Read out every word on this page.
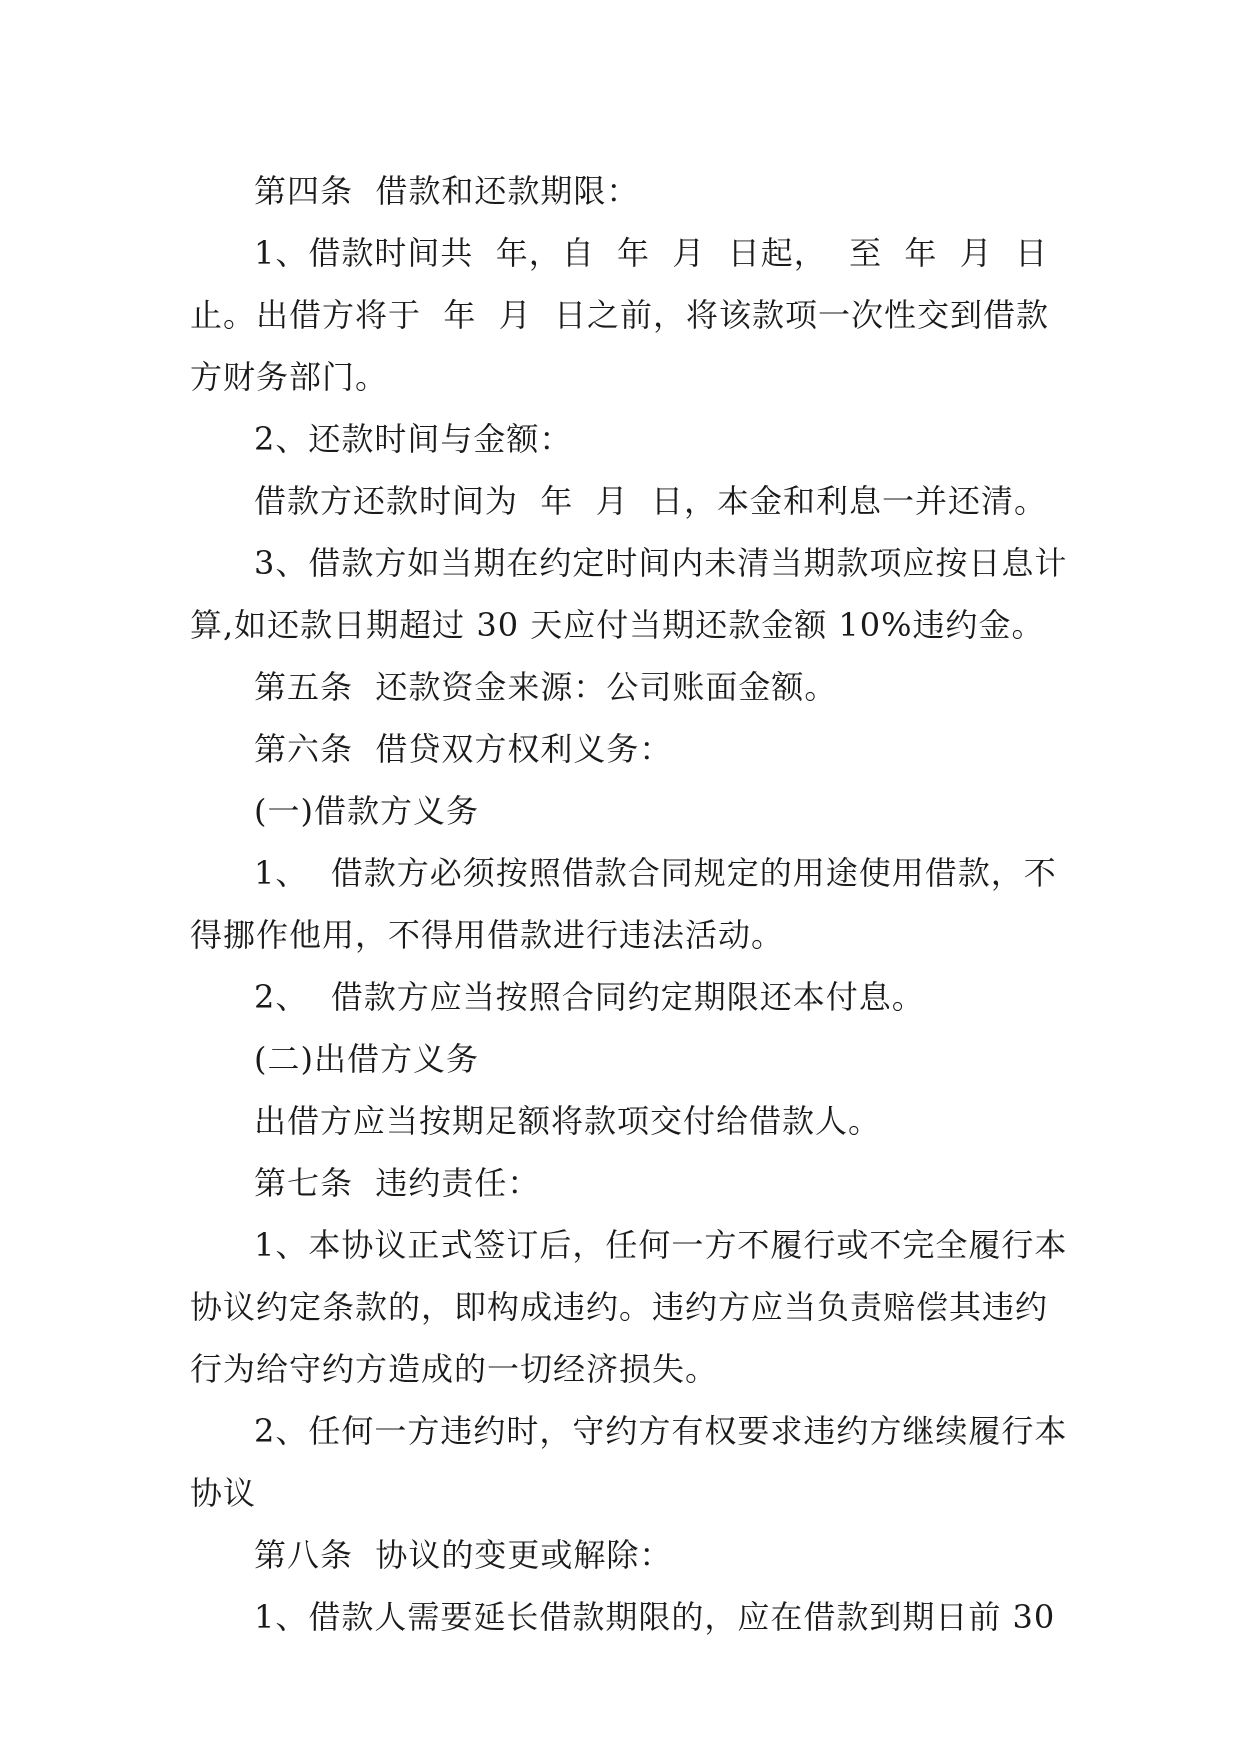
第四条  借款和还款期限：

1、借款时间共  年，自  年  月  日起，  至  年  月  日止。出借方将于  年  月  日之前，将该款项一次性交到借款方财务部门。

2、还款时间与金额：

借款方还款时间为  年  月  日，本金和利息一并还清。

3、借款方如当期在约定时间内未清当期款项应按日息计算,如还款日期超过 30 天应付当期还款金额 10%违约金。

第五条  还款资金来源：公司账面金额。

第六条  借贷双方权利义务：

(一)借款方义务

1、  借款方必须按照借款合同规定的用途使用借款，不得挪作他用，不得用借款进行违法活动。

2、  借款方应当按照合同约定期限还本付息。

(二)出借方义务

出借方应当按期足额将款项交付给借款人。

第七条  违约责任：

1、本协议正式签订后，任何一方不履行或不完全履行本协议约定条款的，即构成违约。违约方应当负责赔偿其违约行为给守约方造成的一切经济损失。

2、任何一方违约时，守约方有权要求违约方继续履行本协议

第八条  协议的变更或解除：

1、借款人需要延长借款期限的，应在借款到期日前 30
